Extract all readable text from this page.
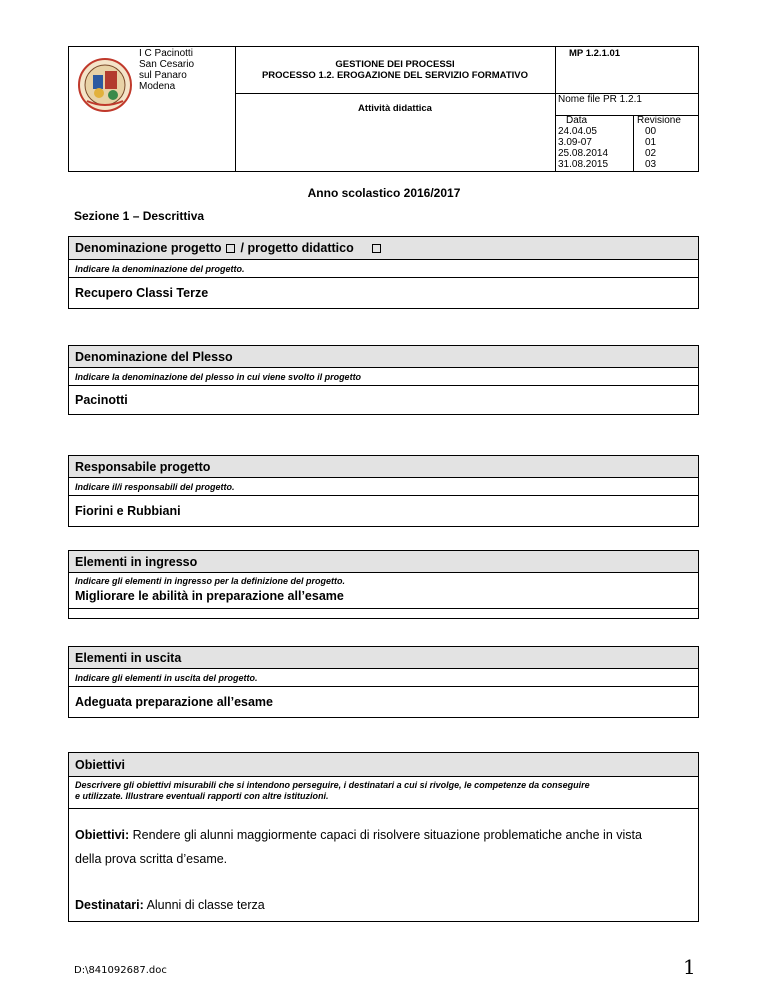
I C Pacinotti
San Cesario
sul Panaro
Modena
GESTIONE DEI PROCESSI
PROCESSO 1.2. EROGAZIONE DEL SERVIZIO FORMATIVO
MP 1.2.1.01
Attività didattica
Nome file PR 1.2.1
Data
24.04.05
3.09-07
25.08.2014
31.08.2015
Revisione
00
01
02
03
Anno scolastico 2016/2017
Sezione 1 – Descrittiva
Denominazione progetto / progetto didattico
Indicare la denominazione del progetto.
Recupero Classi Terze
Denominazione del Plesso
Indicare la denominazione del plesso in cui viene svolto il progetto
Pacinotti
Responsabile progetto
Indicare il/i responsabili del progetto.
Fiorini e Rubbiani
Elementi in ingresso
Indicare gli elementi in ingresso per la definizione del progetto.
Migliorare le abilità in preparazione all’esame
Elementi in uscita
Indicare gli elementi in uscita del progetto.
Adeguata preparazione all’esame
Obiettivi
Descrivere gli obiettivi misurabili che si intendono perseguire, i destinatari a cui si rivolge, le competenze da conseguire
e utilizzate. Illustrare eventuali rapporti con altre istituzioni.
Obiettivi: Rendere gli alunni maggiormente capaci di risolvere situazione problematiche anche in vista
della prova scritta d’esame.
Destinatari: Alunni di classe terza
D:\841092687.doc	1
